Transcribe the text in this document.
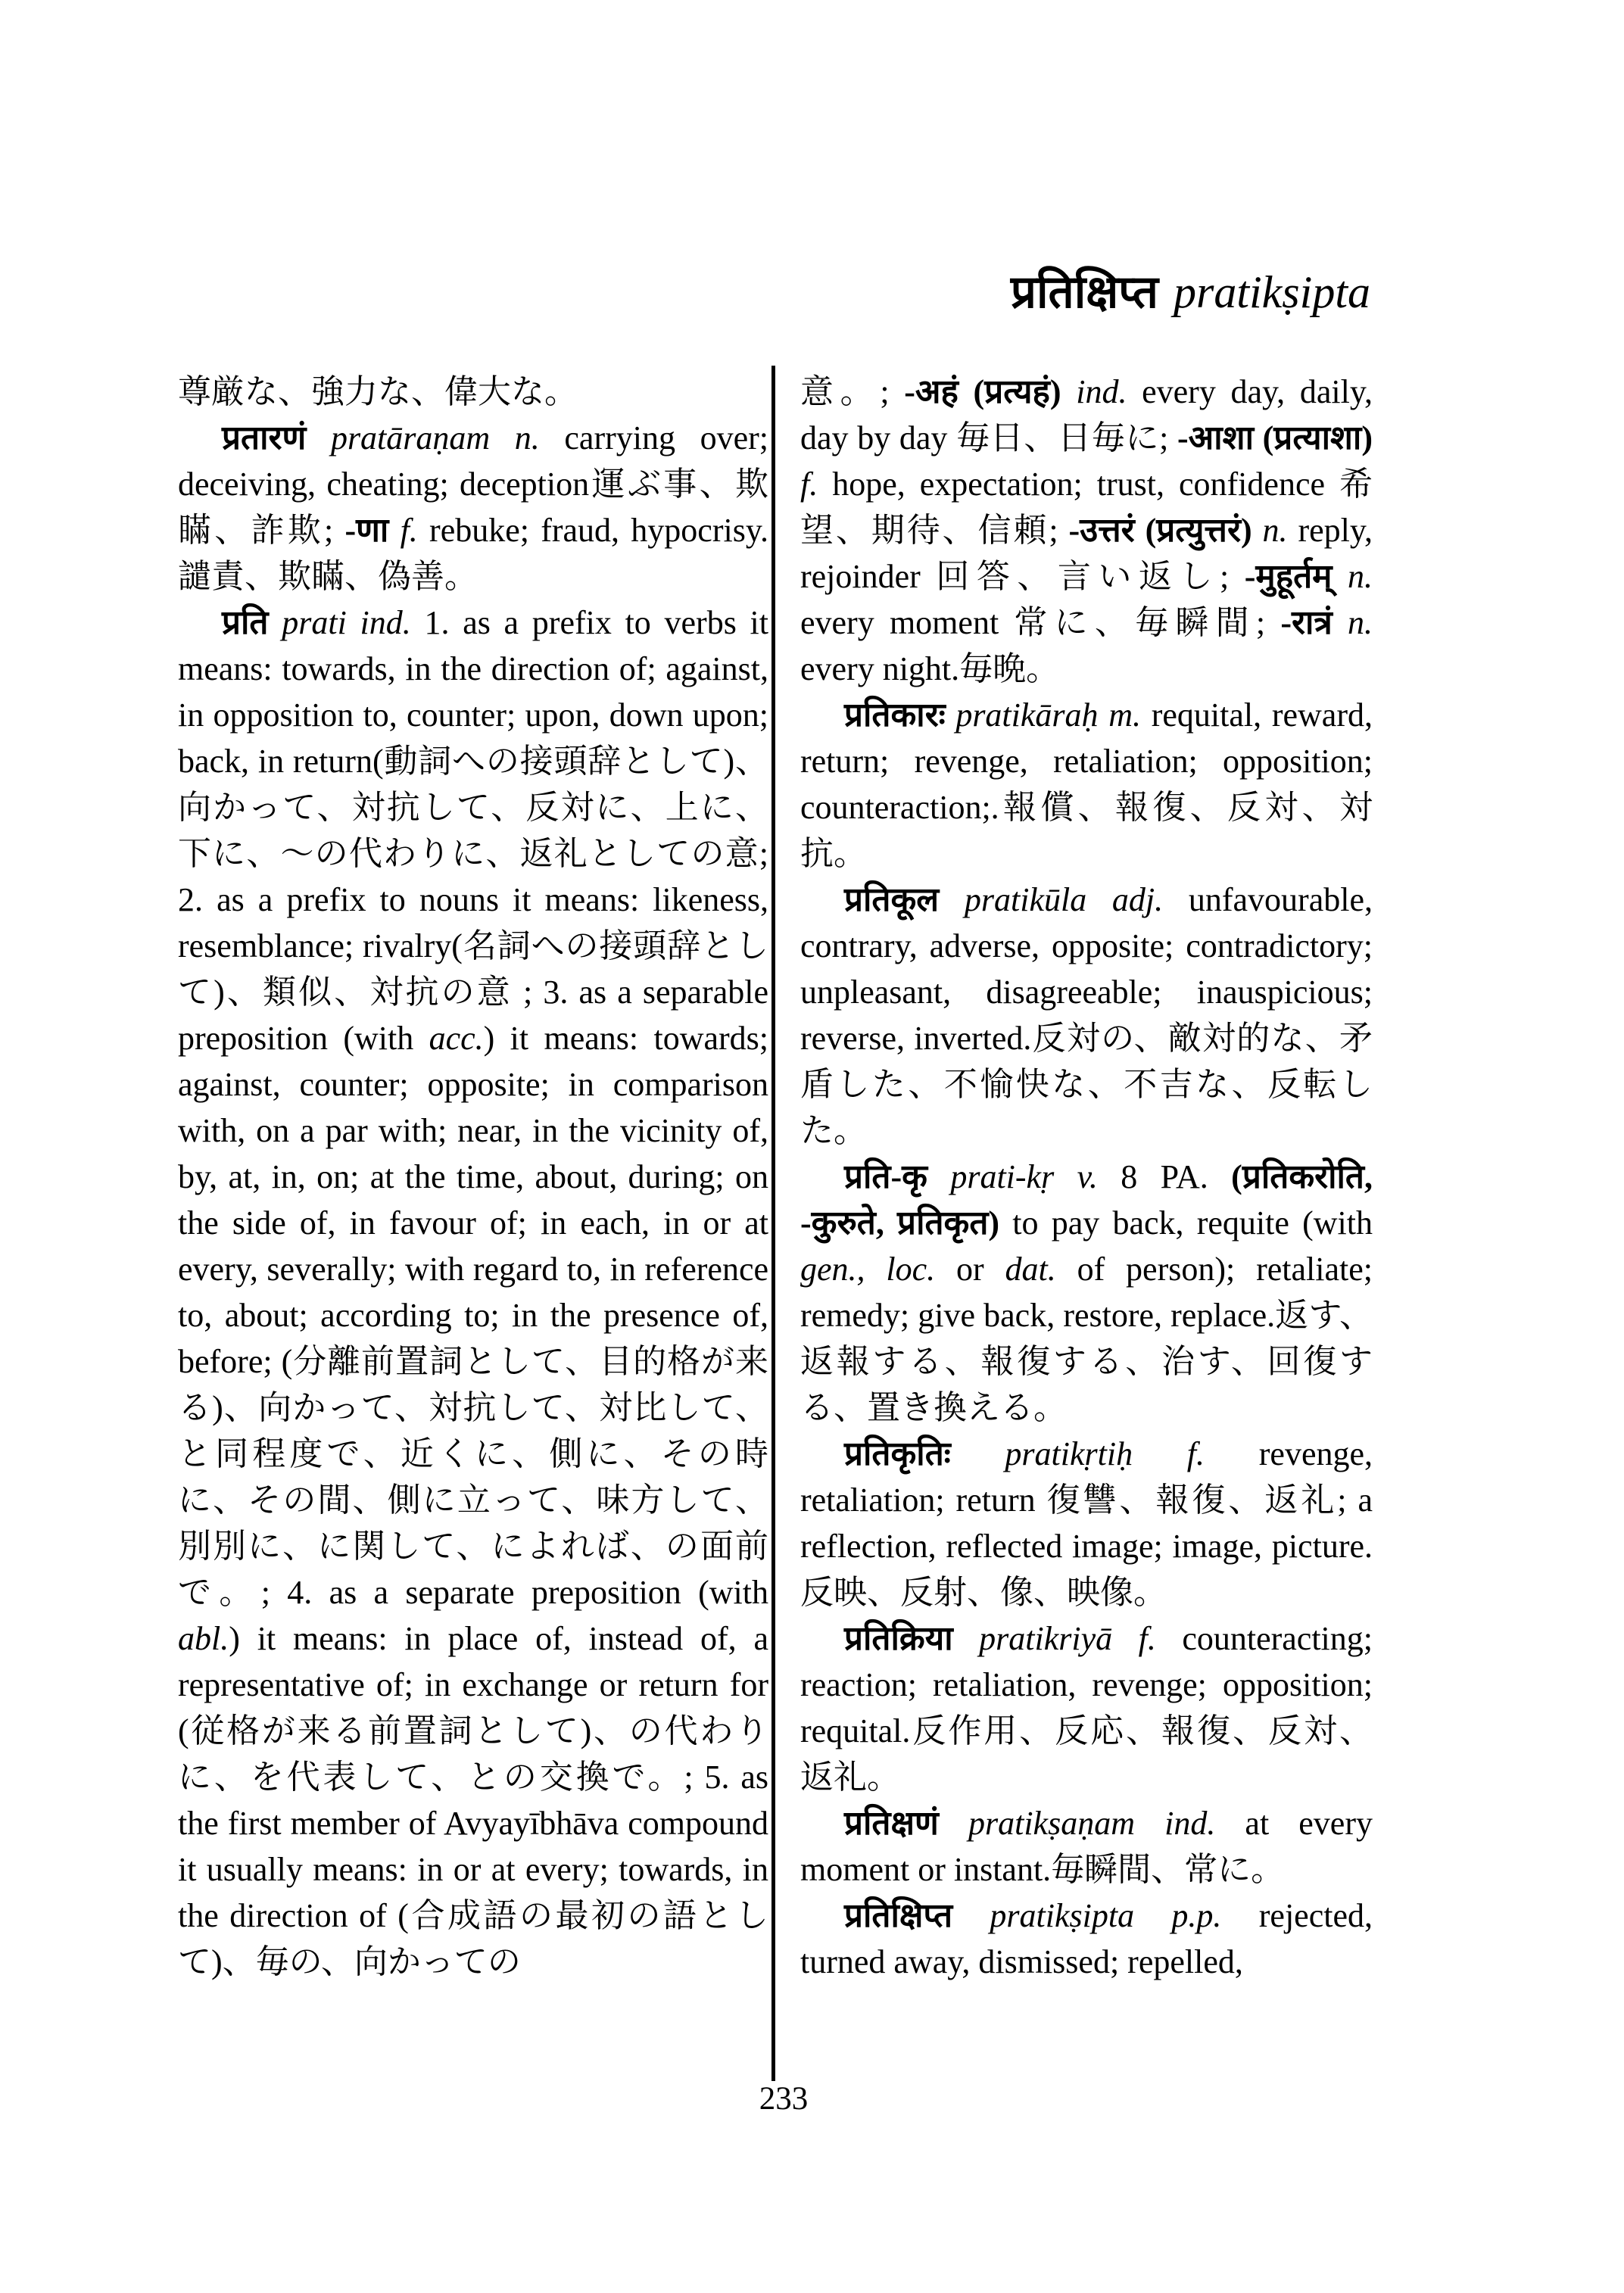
प्रतिक्षिप्त pratikṣipta

尊厳な、強力な、偉大な。

प्रतारणं pratāraṇam n. carrying over; deceiving, cheating; deception運ぶ事、欺瞞、詐欺; -णा f. rebuke; fraud, hypocrisy.譴責、欺瞞、偽善。

प्रति prati ind. 1. as a prefix to verbs it means: towards, in the direction of; against, in opposition to, counter; upon, down upon; back, in return(動詞への接頭辞として)、向かって、対抗して、反対に、上に、下に、〜の代わりに、返礼としての意; 2. as a prefix to nouns it means: likeness, resemblance; rivalry(名詞への接頭辞として)、類似、対抗の意 ; 3. as a separable preposition (with acc.) it means: towards; against, counter; opposite; in comparison with, on a par with; near, in the vicinity of, by, at, in, on; at the time, about, during; on the side of, in favour of; in each, in or at every, severally; with regard to, in reference to, about; according to; in the presence of, before; (分離前置詞として、目的格が来る)、向かって、対抗して、対比して、と同程度で、近くに、側に、その時に、その間、側に立って、味方して、別別に、に関して、によれば、の面前で。; 4. as a separate preposition (with abl.) it means: in place of, instead of, a representative of; in exchange or return for (従格が来る前置詞として)、の代わりに、を代表して、との交換で。; 5. as the first member of Avyayībhāva compound it usually means: in or at every; towards, in the direction of (合成語の最初の語として)、毎の、向かっての

意。; -अहं (प्रत्यहं) ind. every day, daily, day by day 毎日、日毎に; -आशा (प्रत्याशा) f. hope, expectation; trust, confidence 希望、期待、信頼; -उत्तरं (प्रत्युत्तरं) n. reply, rejoinder 回答、言い返し; -मुहूर्तम् n. every moment 常に、毎瞬間; -रात्रं n. every night.毎晩。

प्रतिकारः pratikāraḥ m. requital, reward, return; revenge, retaliation; opposition; counteraction;.報償、報復、反対、対抗。

प्रतिकूल pratikūla adj. unfavourable, contrary, adverse, opposite; contradictory; unpleasant, disagreeable; inauspicious; reverse, inverted.反対の、敵対的な、矛盾した、不愉快な、不吉な、反転した。

प्रति-कृ prati-kṛ v. 8 PA. (प्रतिकरोति, -कुरुते, प्रतिकृत) to pay back, requite (with gen., loc. or dat. of person); retaliate; remedy; give back, restore, replace.返す、返報する、報復する、治す、回復する、置き換える。

प्रतिकृतिः pratikṛtiḥ f. revenge, retaliation; return 復讐、報復、返礼; a reflection, reflected image; image, picture.反映、反射、像、映像。

प्रतिक्रिया pratikriyā f. counteracting; reaction; retaliation, revenge; opposition; requital.反作用、反応、報復、反対、返礼。

प्रतिक्षणं pratikṣaṇam ind. at every moment or instant.毎瞬間、常に。

प्रतिक्षिप्त pratikṣipta p.p. rejected, turned away, dismissed; repelled,

233
